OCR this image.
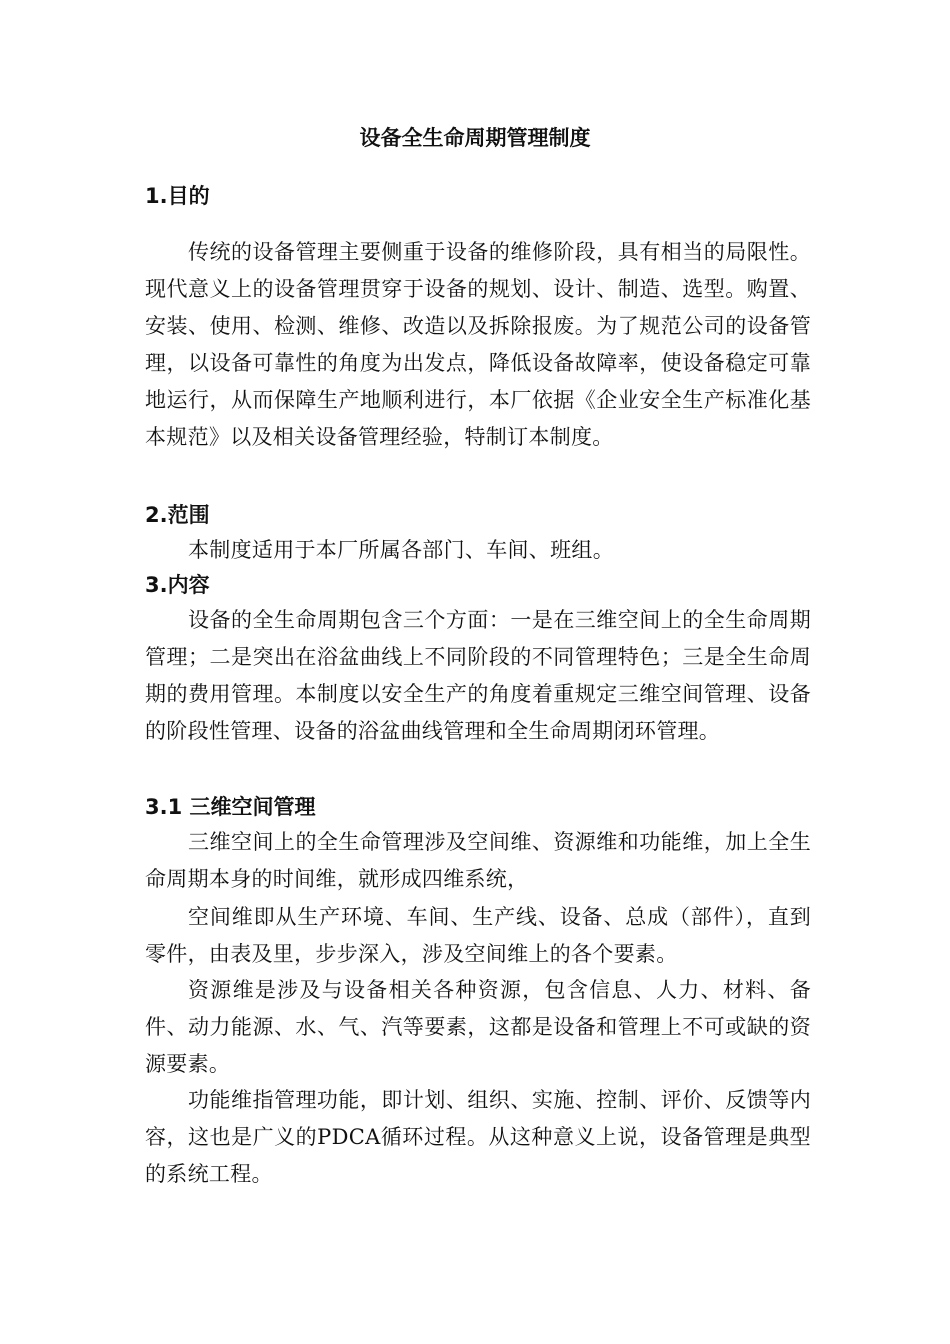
设备全生命周期管理制度
1.目的
传统的设备管理主要侧重于设备的维修阶段，具有相当的局限性。现代意义上的设备管理贯穿于设备的规划、设计、制造、选型。购置、安装、使用、检测、维修、改造以及拆除报废。为了规范公司的设备管理，以设备可靠性的角度为出发点，降低设备故障率，使设备稳定可靠地运行，从而保障生产地顺利进行，本厂依据《企业安全生产标准化基本规范》以及相关设备管理经验，特制订本制度。
2.范围
本制度适用于本厂所属各部门、车间、班组。
3.内容
设备的全生命周期包含三个方面：一是在三维空间上的全生命周期管理；二是突出在浴盆曲线上不同阶段的不同管理特色；三是全生命周期的费用管理。本制度以安全生产的角度着重规定三维空间管理、设备的阶段性管理、设备的浴盆曲线管理和全生命周期闭环管理。
3.1 三维空间管理
三维空间上的全生命管理涉及空间维、资源维和功能维，加上全生命周期本身的时间维，就形成四维系统，
空间维即从生产环境、车间、生产线、设备、总成（部件），直到零件，由表及里，步步深入，涉及空间维上的各个要素。
资源维是涉及与设备相关各种资源，包含信息、人力、材料、备件、动力能源、水、气、汽等要素，这都是设备和管理上不可或缺的资源要素。
功能维指管理功能，即计划、组织、实施、控制、评价、反馈等内容，这也是广义的PDCA循环过程。从这种意义上说，设备管理是典型的系统工程。
